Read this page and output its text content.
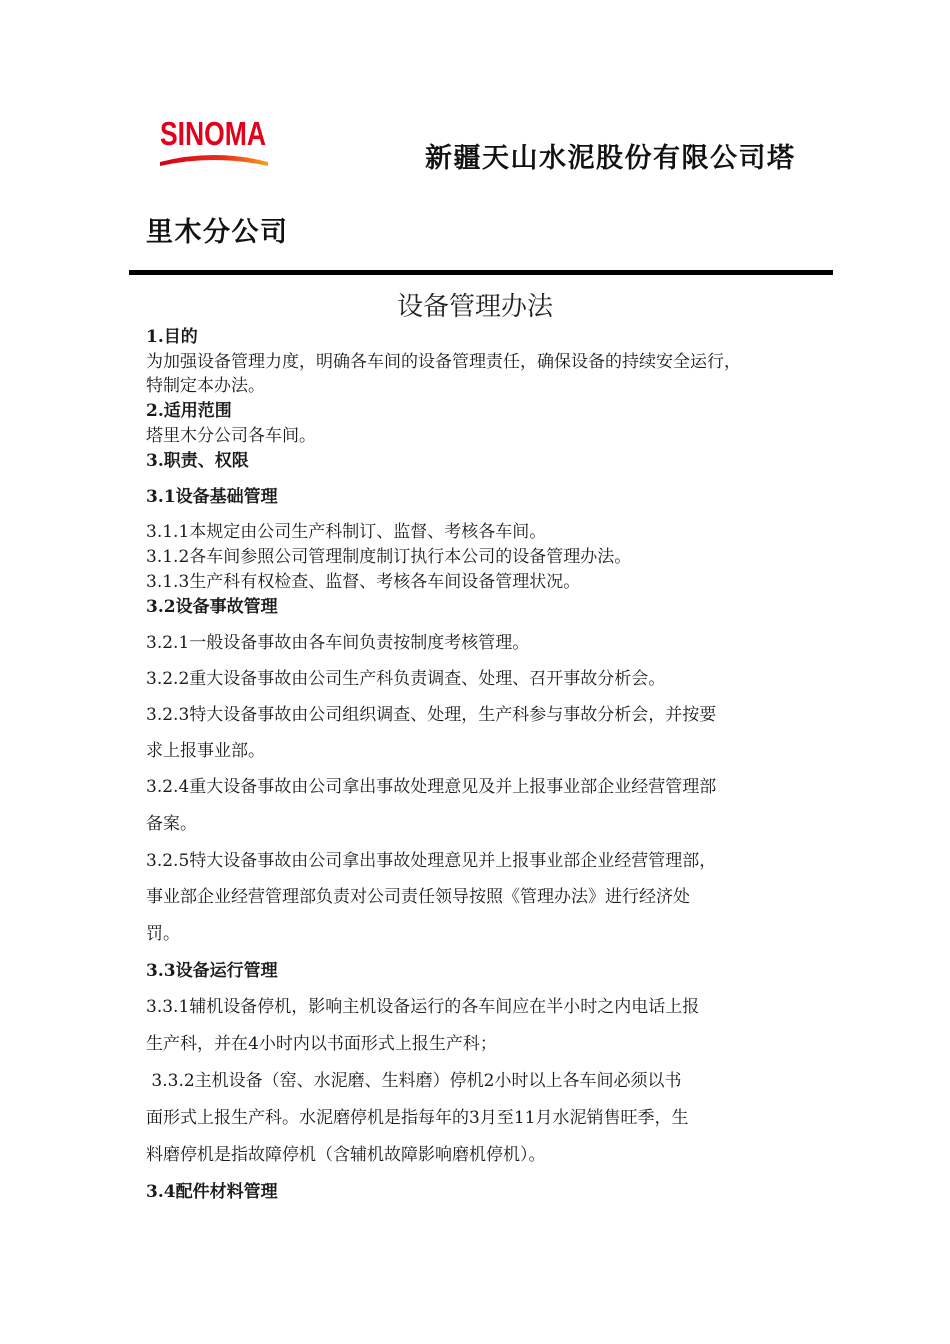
SINOMA
新疆天山水泥股份有限公司塔
里木分公司
设备管理办法
1.目的
为加强设备管理力度，明确各车间的设备管理责任，确保设备的持续安全运行，
特制定本办法。
2.适用范围
塔里木分公司各车间。
3.职责、权限
3.1设备基础管理
3.1.1本规定由公司生产科制订、监督、考核各车间。
3.1.2各车间参照公司管理制度制订执行本公司的设备管理办法。
3.1.3生产科有权检查、监督、考核各车间设备管理状况。
3.2设备事故管理
3.2.1一般设备事故由各车间负责按制度考核管理。
3.2.2重大设备事故由公司生产科负责调查、处理、召开事故分析会。
3.2.3特大设备事故由公司组织调查、处理，生产科参与事故分析会，并按要
求上报事业部。
3.2.4重大设备事故由公司拿出事故处理意见及并上报事业部企业经营管理部
备案。
3.2.5特大设备事故由公司拿出事故处理意见并上报事业部企业经营管理部，
事业部企业经营管理部负责对公司责任领导按照《管理办法》进行经济处
罚。
3.3设备运行管理
3.3.1辅机设备停机，影响主机设备运行的各车间应在半小时之内电话上报
生产科，并在4小时内以书面形式上报生产科；
3.3.2主机设备（窑、水泥磨、生料磨）停机2小时以上各车间必须以书
面形式上报生产科。水泥磨停机是指每年的3月至11月水泥销售旺季，生
料磨停机是指故障停机（含辅机故障影响磨机停机）。
3.4配件材料管理
